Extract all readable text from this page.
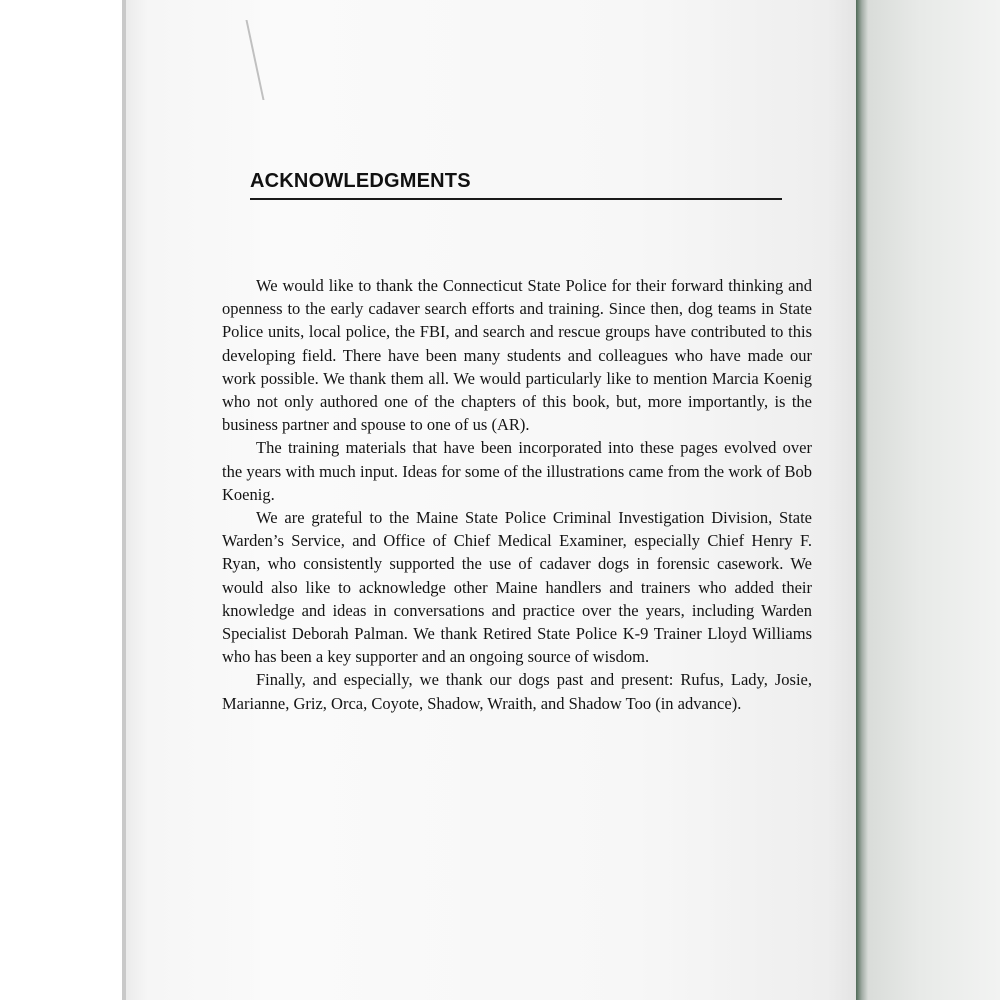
ACKNOWLEDGMENTS

We would like to thank the Connecticut State Police for their forward thinking and openness to the early cadaver search efforts and training. Since then, dog teams in State Police units, local police, the FBI, and search and rescue groups have contributed to this developing field. There have been many students and colleagues who have made our work possible. We thank them all. We would particularly like to mention Marcia Koenig who not only authored one of the chapters of this book, but, more importantly, is the business partner and spouse to one of us (AR).

The training materials that have been incorporated into these pages evolved over the years with much input. Ideas for some of the illustrations came from the work of Bob Koenig.

We are grateful to the Maine State Police Criminal Investigation Division, State Warden’s Service, and Office of Chief Medical Examiner, especially Chief Henry F. Ryan, who consistently supported the use of cadaver dogs in forensic casework. We would also like to acknowledge other Maine handlers and trainers who added their knowledge and ideas in conversations and practice over the years, including Warden Specialist Deborah Palman. We thank Retired State Police K-9 Trainer Lloyd Williams who has been a key supporter and an ongoing source of wisdom.

Finally, and especially, we thank our dogs past and present: Rufus, Lady, Josie, Marianne, Griz, Orca, Coyote, Shadow, Wraith, and Shadow Too (in advance).
